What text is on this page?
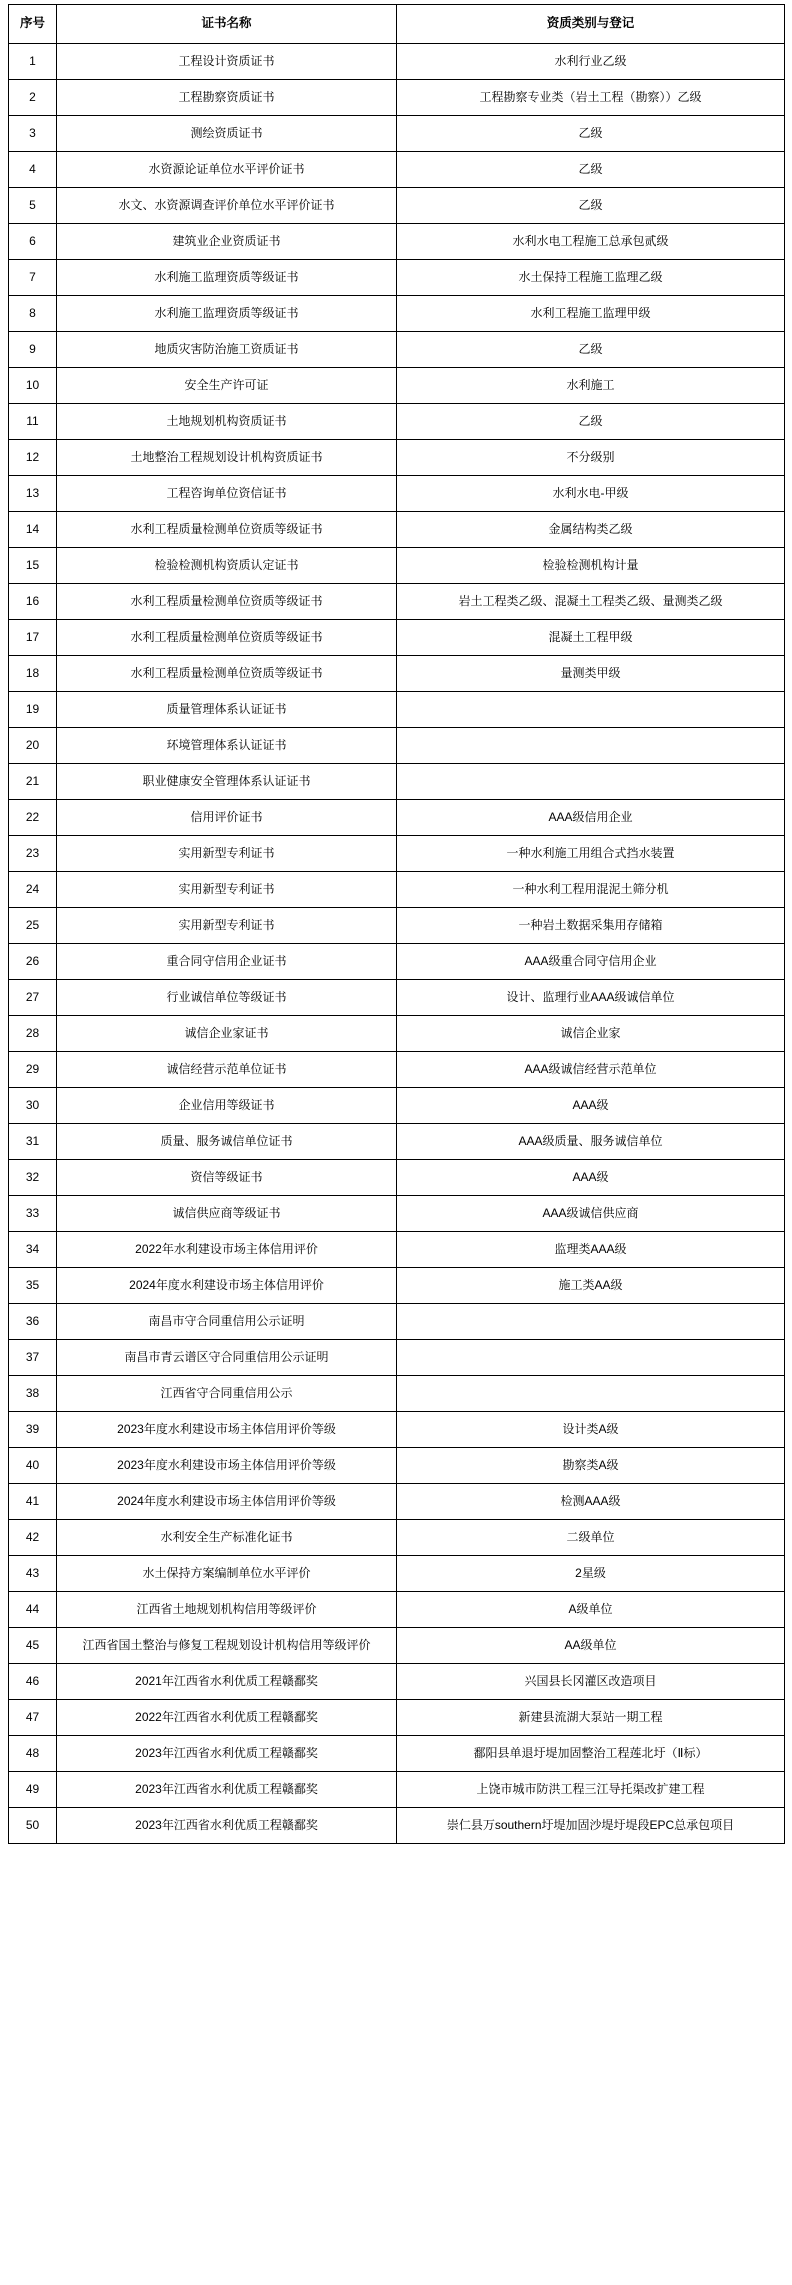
序号	证书名称	资质类别与登记
1	工程设计资质证书	水利行业乙级
2	工程勘察资质证书	工程勘察专业类（岩土工程（勘察））乙级
3	测绘资质证书	乙级
4	水资源论证单位水平评价证书	乙级
5	水文、水资源调查评价单位水平评价证书	乙级
6	建筑业企业资质证书	水利水电工程施工总承包贰级
7	水利施工监理资质等级证书	水土保持工程施工监理乙级
8	水利施工监理资质等级证书	水利工程施工监理甲级
9	地质灾害防治施工资质证书	乙级
10	安全生产许可证	水利施工
11	土地规划机构资质证书	乙级
12	土地整治工程规划设计机构资质证书	不分级别
13	工程咨询单位资信证书	水利水电-甲级
14	水利工程质量检测单位资质等级证书	金属结构类乙级
15	检验检测机构资质认定证书	检验检测机构计量
16	水利工程质量检测单位资质等级证书	岩土工程类乙级、混凝土工程类乙级、量测类乙级
17	水利工程质量检测单位资质等级证书	混凝土工程甲级
18	水利工程质量检测单位资质等级证书	量测类甲级
19	质量管理体系认证证书	
20	环境管理体系认证证书	
21	职业健康安全管理体系认证证书	
22	信用评价证书	AAA级信用企业
23	实用新型专利证书	一种水利施工用组合式挡水装置
24	实用新型专利证书	一种水利工程用混泥土筛分机
25	实用新型专利证书	一种岩土数据采集用存储箱
26	重合同守信用企业证书	AAA级重合同守信用企业
27	行业诚信单位等级证书	设计、监理行业AAA级诚信单位
28	诚信企业家证书	诚信企业家
29	诚信经营示范单位证书	AAA级诚信经营示范单位
30	企业信用等级证书	AAA级
31	质量、服务诚信单位证书	AAA级质量、服务诚信单位
32	资信等级证书	AAA级
33	诚信供应商等级证书	AAA级诚信供应商
34	2022年水利建设市场主体信用评价	监理类AAA级
35	2024年度水利建设市场主体信用评价	施工类AA级
36	南昌市守合同重信用公示证明	
37	南昌市青云谱区守合同重信用公示证明	
38	江西省守合同重信用公示	
39	2023年度水利建设市场主体信用评价等级	设计类A级
40	2023年度水利建设市场主体信用评价等级	勘察类A级
41	2024年度水利建设市场主体信用评价等级	检测AAA级
42	水利安全生产标准化证书	二级单位
43	水土保持方案编制单位水平评价	2星级
44	江西省土地规划机构信用等级评价	A级单位
45	江西省国土整治与修复工程规划设计机构信用等级评价	AA级单位
46	2021年江西省水利优质工程赣鄱奖	兴国县长冈灌区改造项目
47	2022年江西省水利优质工程赣鄱奖	新建县流湖大泵站一期工程
48	2023年江西省水利优质工程赣鄱奖	鄱阳县单退圩堤加固整治工程莲北圩（Ⅱ标）
49	2023年江西省水利优质工程赣鄱奖	上饶市城市防洪工程三江导托渠改扩建工程
50	2023年江西省水利优质工程赣鄱奖	崇仁县万southern圩堤加固沙堤圩堤段EPC总承包项目
